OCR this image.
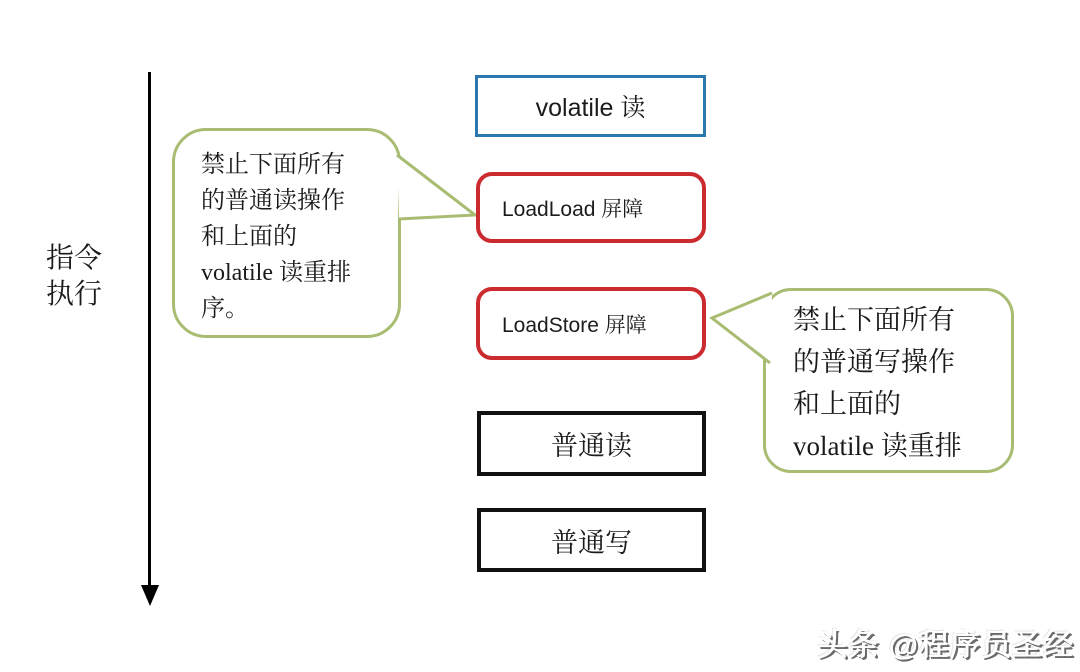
指令
执行
禁止下面所有
的普通读操作
和上面的
volatile 读重排
序。	禁止下面所有
的普通写操作
和上面的
volatile 读重排
volatile 读
LoadLoad 屏障
LoadStore 屏障
普通读
普通写
头条 @程序员圣经
